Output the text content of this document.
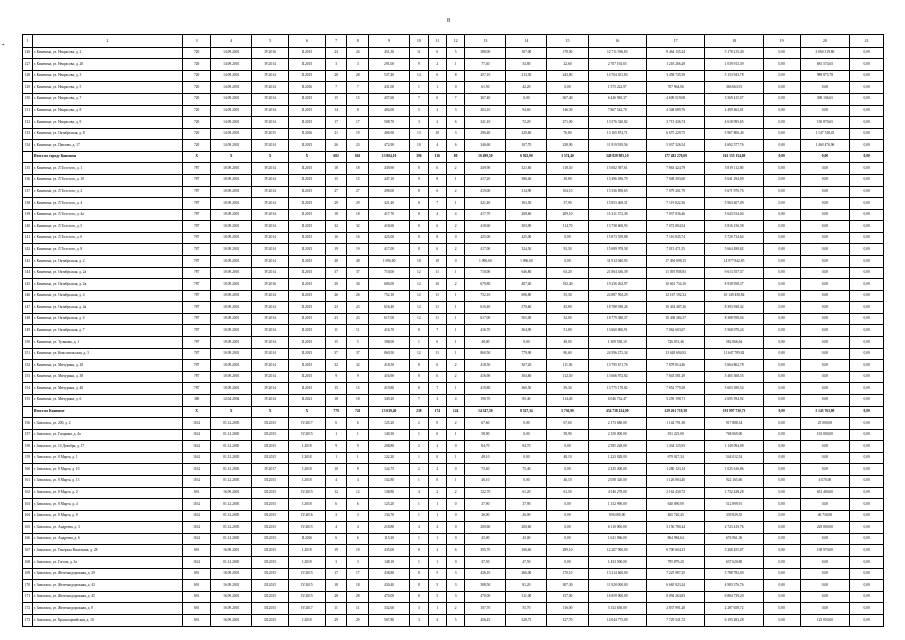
8
*
1	2	3	4	5	6	7	8	9	10	11	12	13	14	15	16	17	18	19	20	21
126	г. Кинешма, ул. Некрасова, д. 2	720	14.09.2001	IV.2016	II.2015	24	24	451,30	11	6	5	388,00	187,00	178,00	12 711 396,83	8 464 135,24	5 178 215,40	0,00	3 060 319,86	0,00
127	г. Кинешма, ул. Некрасова, д. 20	720	14.09.2001	IV.2014	II.2015	3	3	291,00	9	2	1	77,40	54,80	22,60	2 707 192,65	1 218 266,28	1 039 913,39	0,00	681 574,65	0,00
128	г. Кинешма, ул. Некрасова, д. 3	720	14.09.2001	IV.2014	II.2015	28	28	537,40	14	6	8	457,10	213,30	243,80	14 704 451,83	3 458 745,59	5 153 943,78	0,00	989 875,78	0,00
129	г. Кинешма, ул. Некрасова, д. 5	720	14.09.2001	IV.2014	II.2016	7	7	431,00	1	1	0	61,50	42,20	0,00	1 575 222,97	707 964,06	366 663,91	0,00	0,00	0,00
130	г. Кинешма, ул. Некрасова, д. 7	720	14.09.2001	IV.2014	II.2015	15	15	457,60	7	0	7	367,40	0,00	367,40	6 426 965,37	4 609 519,08	3 569 415,07	0,00	308 106,65	0,00
131	г. Кинешма, ул. Некрасова, д. 8	720	14.09.2001	IV.2014	II.2015	14	8	404,00	5	2	3	203,10	94,60	146,30	7 867 542,70	4 348 089,76	2 499 462,01	0,00	0,00	0,00
132	г. Кинешма, ул. Некрасова, д. 9	720	14.09.2001	IV.2014	II.2015	17	17	508,70	3	2	6	341,10	72,20	271,00	13 576 320,82	3 715 436,74	4 618 995,65	0,00	150 870,65	0,00
133	г. Кинешма, ул. Октябрьская, д. 8	720	14.09.2001	IV.2015	II.2016	21	19	406,90	13	10	3	296,40	220,60	76,80	13 165 874,71	6 675 229,75	5 967 806,40	0,00	1 147 748,43	0,00
134	г. Кинешма, ул. Павлова, д. 17	720	14.09.2001	IV.2014	II.2015	26	23	472,90	10	4	6	346,60	107,70	238,90	11 919 929,56	5 037 326,54	4 692 577,76	0,00	1 460 476,96	0,00
	Итого по городу Кинешма	X	X	X	X	682	661	13 804,10	396	316	80	10 499,50	6 925,00	3 574,40	349 829 985,10	177 482 270,69	162 135 154,69	0,00	0,00	0,00
135	г. Кинешма, ул. Л.Толстого, д. 1	787	10.09.2001	IV.2014	II.2015	18	18	439,90	8	6	2	439,90	321,60	118,30	15 002 397,61	7 863 424,79	5 819 112,80	0,00	0,00	0,00
136	г. Кинешма, ул. Л.Толстого, д. 10	787	10.09.2001	IV.2014	II.2015	15	15	447,10	9	8	1	417,20	386,40	30,80	15 496 036,79	7 048 303,60	5 641 294,00	0,00	0,00	0,00
137	г. Кинешма, ул. Л.Толстого, д. 2	787	10.09.2001	IV.2014	II.2015	27	27	498,00	8	6	2	419,00	314,90	104,10	15 336 858,65	7 079 261,79	5 671 970,76	0,00	0,00	0,00
138	г. Кинешма, ул. Л.Толстого, д. 4	787	10.09.2001	IV.2014	II.2015	29	29	421,40	8	7	1	421,40	363,50	57,90	15 853 469,31	7 119 822,36	5 904 407,09	0,00	0,00	0,00
139	г. Кинешма, ул. Л.Толстого, д. 4а	787	10.09.2001	IV.2014	II.2015	18	18	417,70	8	4	4	417,70	208,60	209,10	15 211 372,49	7 037 036,46	5 643 914,04	0,00	0,00	0,00
140	г. Кинешма, ул. Л.Толстого, д. 5	787	10.09.2001	IV.2014	II.2015	32	32	418,60	8	6	2	418,60	303,90	114,70	15 738 600,93	7 072 804,54	5 816 156,58	0,00	0,00	0,00
141	г. Кинешма, ул. Л.Толстого, д. 6	787	10.09.2001	IV.2014	II.2015	16	16	425,00	8	8	0	425,00	425,00	0,00	15 873 559,88	7 116 845,74	5 720 714,64	0,00	0,00	0,00
142	г. Кинешма, ул. Л.Толстого, д. 8	787	10.09.2001	IV.2014	II.2015	19	19	417,00	8	6	2	417,00	324,50	92,50	15 689 978,58	7 015 471,55	5 664 498,82	0,00	0,00	0,00
143	г. Кинешма, ул. Октябрьская, д. 2	787	10.09.2001	IV.2014	II.2015	48	48	1 096,60	18	18	0	1 096,60	1 096,60	0,00	31 914 940,93	17 494 898,15	14 977 842,85	0,00	0,00	0,00
144	г. Кинешма, ул. Октябрьская, д. 2а	787	10.09.2001	IV.2014	II.2015	37	37	710,00	12	11	1	710,00	646,80	63,20	21 804 436,39	11 395 858,83	9 613 557,37	0,00	0,00	0,00
145	г. Кинешма, ул. Октябрьская, д. 2в	787	10.09.2001	IV.2016	II.2015	30	30	680,00	12	10	2	679,80	487,40	192,40	19 236 262,97	10 661 734,10	8 938 958,37	0,00	0,00	0,00
146	г. Кинешма, ул. Октябрьская, д. 4	787	10.09.2001	IV.2014	II.2015	26	26	752,10	12	11	1	752,10	696,80	55,30	22 887 594,29	12 167 192,32	10 149 458,84	0,00	0,00	0,00
147	г. Кинешма, ул. Октябрьская, д. 4а	787	10.09.2001	IV.2014	II.2015	23	23	616,40	12	11	1	616,40	570,60	45,80	18 788 938,26	10 434 487,26	8 393 938,42	0,00	0,00	0,00
148	г. Кинешма, ул. Октябрьская, д. 6	787	10.09.2001	IV.2014	II.2015	23	23	617,00	12	11	1	617,00	565,00	52,00	18 779 380,37	10 438 284,37	8 388 958,04	0,00	0,00	0,00
149	г. Кинешма, ул. Октябрьская, д. 7	787	10.09.2001	IV.2014	II.2015	11	11	416,70	8	7	1	416,70	364,90	51,80	13 660 860,91	7 062 603,67	5 568 078,24	0,00	0,00	0,00
150	г. Кинешма, ул. Тулякова, д. 1	787	10.09.2001	IV.2014	II.2015	15	5	398,00	1	0	1	48,00	0,00	48,00	1 309 538,10	726 051,46	582 066,64	0,00	0,00	0,00
151	г. Кинешма, ул. Комсомольская, д. 3	787	10.09.2001	IV.2014	II.2015	37	37	860,50	12	11	1	860,50	779,90	80,60	24 596 272,34	13 628 694,92	11 647 709,82	0,00	0,00	0,00
152	г. Кинешма, ул. Мичурина, д. 28	787	10.09.2001	IV.2014	II.2015	32	32	418,50	8	6	2	418,50	307,20	111,30	13 795 671,76	7 878 814,46	5 664 802,78	0,00	0,00	0,00
153	г. Кинешма, ул. Мичурина, д. 38	787	10.09.2001	IV.2014	II.2015	9	9	416,90	8	6	2	416,90	304,60	112,30	13 666 972,82	7 843 581,29	5 465 368,55	0,00	0,00	0,00
154	г. Кинешма, ул. Мичурина, д. 40	787	10.09.2001	IV.2014	II.2015	15	15	419,80	8	7	1	419,80	360,50	59,30	13 775 178,82	7 852 779,28	5 603 399,54	0,00	0,00	0,00
155	г. Кинешма, ул. Мичурина, д. 6	380	12.04.2004	IV.2014	II.2021	18	18	349,20	7	3	4	190,70	85,40	114,40	6 046 732,47	3 259 198,71	2 695 594,92	0,00	0,00	0,00
	Итого по Кинешме	X	X	X	X	779	741	13 639,40	238	174	124	14 347,30	8 527,34	5 736,90	434 738 414,00	229 261 710,38	191 997 730,73	0,00	5 143 763,00	0,00
156	г. Заволжск, ул. 200, д. 2	1162	01.12.2005	III.2015	IV.2017	6	6	125,20	2	0	2	67,60	0,00	67,60	2 173 680,00	1 144 791,38	917 888,34	0,00	25 000,00	0,00
157	г. Заволжск, ул. Гагарина, д. 4а	1162	01.12.2005	III.2015	IV.2015	1	1	140,30	1	0	1	58,90	0,00	58,90	2 150 000,00	931 225,00	768 069,00	0,00	103 800,00	0,00
158	г. Заволжск, ул. 14 Декабря, д. 17	1162	01.12.2005	III.2015	I.2018	9	9	208,80	2	2	0	84,70	84,70	0,00	2 585 228,00	1 434 125,93	1 149 094,08	0,00	0,00	0,00
159	г. Заволжск, ул. 8 Марта, д. 1	1162	01.12.2005	III.2015	I.2018	1	1	122,20	1	0	1	48,10	0,00	48,10	1 223 028,00	679 027,34	544 012,54	0,00	0,00	0,00
160	г. Заволжск, ул. 8 Марта, д. 10	1162	01.12.2005	IV.2017	I.2018	10	8	124,75	2	2	0	75,40	75,40	0,00	2 235 400,00	1 280 123,14	1 025 616,86	0,00	0,00	0,00
161	г. Заволжск, ул. 8 Марта, д. 13	1162	01.12.2005	III.2015	I.2018	4	4	132,80	1	0	1	46,10	0,00	46,10	2 058 320,00	1 126 084,40	922 165,60	0,00	4 070,00	0,00
162	г. Заволжск, ул. 8 Марта, д. 2	691	16.09.2001	III.2015	IV.2015	12	12	138,80	4	2	2	122,70	61,20	61,50	4 546 278,00	2 162 430,72	1 732 428,28	0,00	651 400,00	0,00
163	г. Заволжск, ул. 8 Марта, д. 4	1162	01.12.2005	III.2015	I.2018	6	6	125,20	1	1	0	37,90	37,90	0,00	1 152 990,00	640 090,09	512 899,91	0,00	0,00	0,00
164	г. Заволжск, ул. 8 Марта, д. 8	1162	01.12.2005	III.2015	IV.2016	3	3	134,70	1	1	0	26,00	26,00	0,00	856 000,00	465 740,45	339 829,55	0,00	46 730,00	0,00
165	г. Заволжск, ул. Андреева, д. 3	1162	01.12.2005	III.2015	IV.2015	4	4	218,80	4	4	0	200,60	200,60	0,00	6 110 000,00	3 156 780,24	2 723 419,76	0,00	229 800,00	0,00
166	г. Заволжск, ул. Андреева, д. 6	1162	01.12.2005	III.2015	II.2016	6	6	115,30	1	1	0	43,00	43,00	0,00	1 621 966,00	864 984,64	676 961,36	0,00	0,00	0,00
167	г. Заволжск, ул. Генерала Васильева, д. 28	691	16.09.2001	III.2015	I.2018	19	19	435,00	8	2	6	395,70	106,60	289,10	12 207 900,00	6 700 604,13	5 268 455,87	0,00	138 970,00	0,00
168	г. Заволжск, ул. Гоголя, д. 3а	1162	01.12.2005	III.2015	I.2018	3	3	148,10	1	1	0	47,50	47,50	0,00	1 433 500,00	795 879,20	637 620,80	0,00	0,00	0,00
169	г. Заволжск, ул. Железнодорожная, д. 29	691	16.09.2001	III.2015	IV.2015	17	17	438,80	8	5	3	436,10	266,00	170,10	13 214 660,00	7 225 987,25	5 788 783,00	0,00	0,00	0,00
170	г. Заволжск, ул. Железнодорожная, д. 43	691	16.09.2001	III.2015	IV.2015	18	18	430,40	8	5	3	388,50	81,20	307,30	11 920 000,00	6 665 923,24	4 983 376,76	0,00	0,00	0,00
171	г. Заволжск, ул. Железнодорожная, д. 45	691	16.09.2001	III.2015	IV.2015	28	28	470,00	8	5	3	470,00	311,00	157,00	16 859 000,00	8 094 264,83	6 884 739,20	0,00	0,00	0,00
172	г. Заволжск, ул. Железнодорожная, д. 8	691	16.09.2001	III.2015	IV.2017	11	11	332,60	3	1	2	107,70	55,70	116,00	5 152 650,00	2 837 991,28	2 287 658,72	0,00	0,00	0,00
173	г. Заволжск, ул. Красноармейская, д. 10	691	16.09.2001	III.2015	I.2018	29	29	567,80	3	4	5	456,45	328,75	127,70	14 044 775,00	7 729 541,72	6 193 283,28	0,00	125 050,00	0,00
